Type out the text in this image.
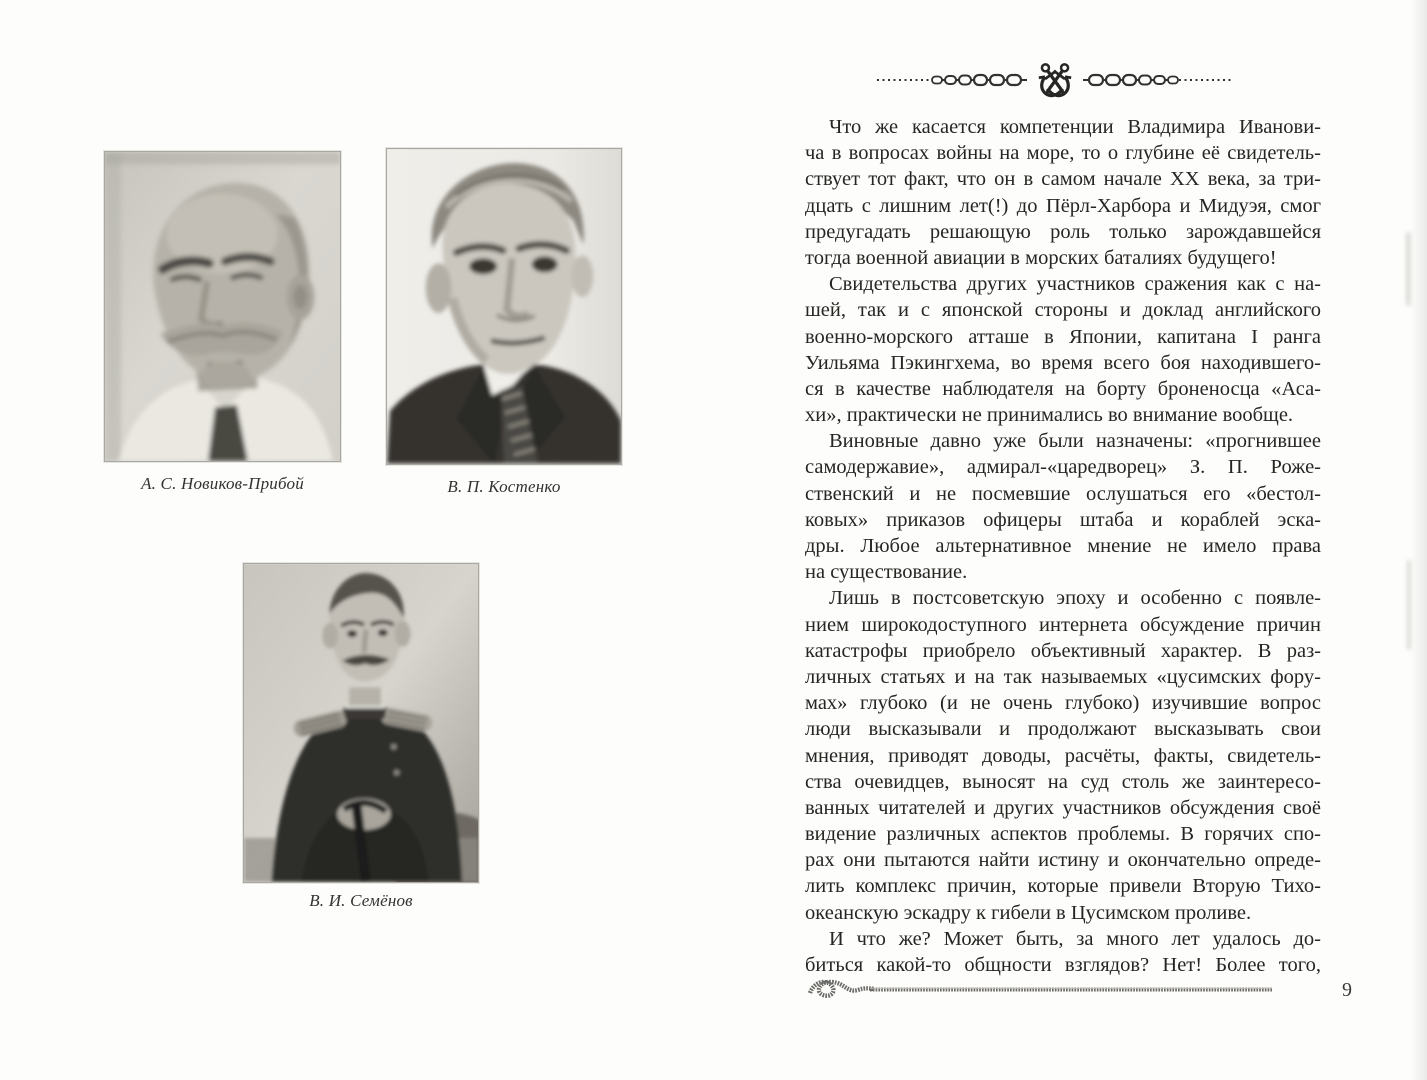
А. С. Новиков-Прибой	В. П. Костенко
В. И. Семёнов
Что же касается компетенции Владимира Иванови-
ча в вопросах войны на море, то о глубине её свидетель-
ствует тот факт, что он в самом начале XX века, за три-
дцать с лишним лет(!) до Пёрл-Харбора и Мидуэя, смог
предугадать решающую роль только зарождавшейся
тогда военной авиации в морских баталиях будущего!
Свидетельства других участников сражения как с на-
шей, так и с японской стороны и доклад английского
военно-морского атташе в Японии, капитана I ранга
Уильяма Пэкингхема, во время всего боя находившего-
ся в качестве наблюдателя на борту броненосца «Аса-
хи», практически не принимались во внимание вообще.
Виновные давно уже были назначены: «прогнившее
самодержавие», адмирал-«царедворец» З. П. Роже-
ственский и не посмевшие ослушаться его «бестол-
ковых» приказов офицеры штаба и кораблей эска-
дры. Любое альтернативное мнение не имело права
на существование.
Лишь в постсоветскую эпоху и особенно с появле-
нием широкодоступного интернета обсуждение причин
катастрофы приобрело объективный характер. В раз-
личных статьях и на так называемых «цусимских фору-
мах» глубоко (и не очень глубоко) изучившие вопрос
люди высказывали и продолжают высказывать свои
мнения, приводят доводы, расчёты, факты, свидетель-
ства очевидцев, выносят на суд столь же заинтересо-
ванных читателей и других участников обсуждения своё
видение различных аспектов проблемы. В горячих спо-
рах они пытаются найти истину и окончательно опреде-
лить комплекс причин, которые привели Вторую Тихо-
океанскую эскадру к гибели в Цусимском проливе.
И что же? Может быть, за много лет удалось до-
биться какой-то общности взглядов? Нет! Более того,
9
